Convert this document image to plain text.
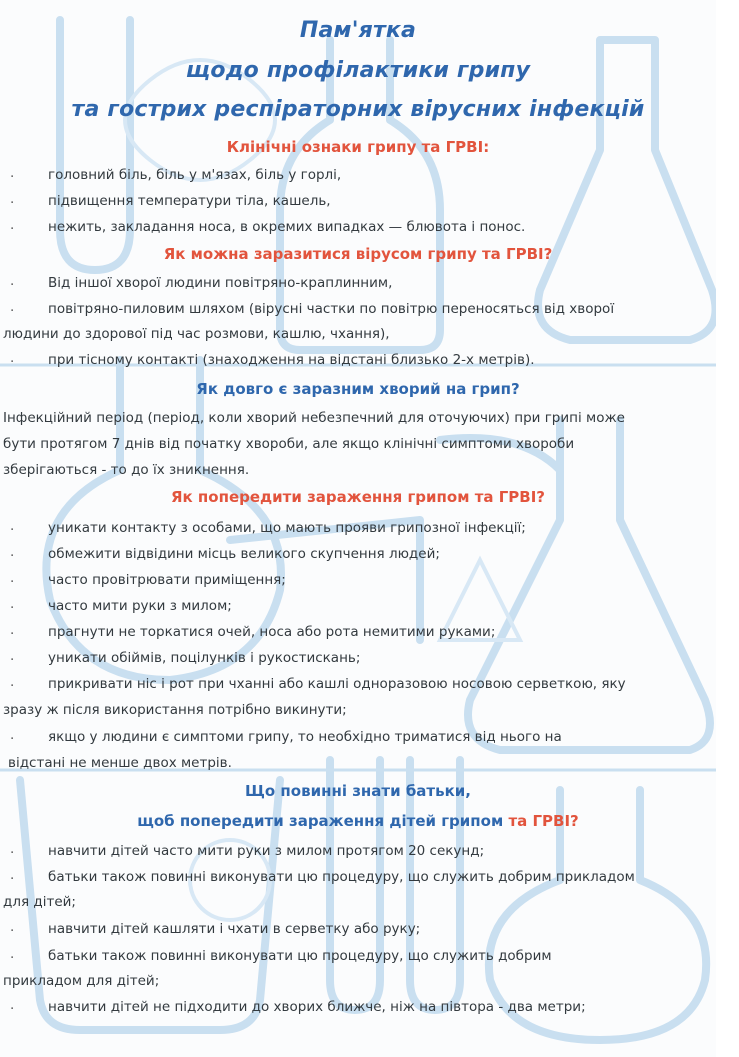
Пам'ятка
щодо профілактики грипу
та гострих респіраторних вірусних інфекцій
Клінічні ознаки грипу та ГРВІ:
· головний біль, біль у м'язах, біль у горлі,
· підвищення температури тіла, кашель,
· нежить, закладання носа, в окремих випадках — блювота і понос.
Як можна заразитися вірусом грипу та ГРВІ?
· Від іншої хворої людини повітряно-краплинним,
· повітряно-пиловим шляхом (вірусні частки по повітрю переносяться від хворої
людини до здорової під час розмови, кашлю, чхання),
· при тісному контакті (знаходження на відстані близько 2-х метрів).
Як довго є заразним хворий на грип?
Інфекційний період (період, коли хворий небезпечний для оточуючих) при грипі може
бути протягом 7 днів від початку хвороби, але якщо клінічні симптоми хвороби
зберігаються - то до їх зникнення.
Як попередити зараження грипом та ГРВІ?
· уникати контакту з особами, що мають прояви грипозної інфекції;
· обмежити відвідини місць великого скупчення людей;
· часто провітрювати приміщення;
· часто мити руки з милом;
· прагнути не торкатися очей, носа або рота немитими руками;
· уникати обіймів, поцілунків і рукостискань;
· прикривати ніс і рот при чханні або кашлі одноразовою носовою серветкою, яку
зразу ж після використання потрібно викинути;
· якщо у людини є симптоми грипу, то необхідно триматися від нього на
відстані не менше двох метрів.
Що повинні знати батьки,
щоб попередити зараження дітей грипом та ГРВІ?
· навчити дітей часто мити руки з милом протягом 20 секунд;
· батьки також повинні виконувати цю процедуру, що служить добрим прикладом
для дітей;
· навчити дітей кашляти і чхати в серветку або руку;
· батьки також повинні виконувати цю процедуру, що служить добрим
прикладом для дітей;
· навчити дітей не підходити до хворих ближче, ніж на півтора - два метри;
